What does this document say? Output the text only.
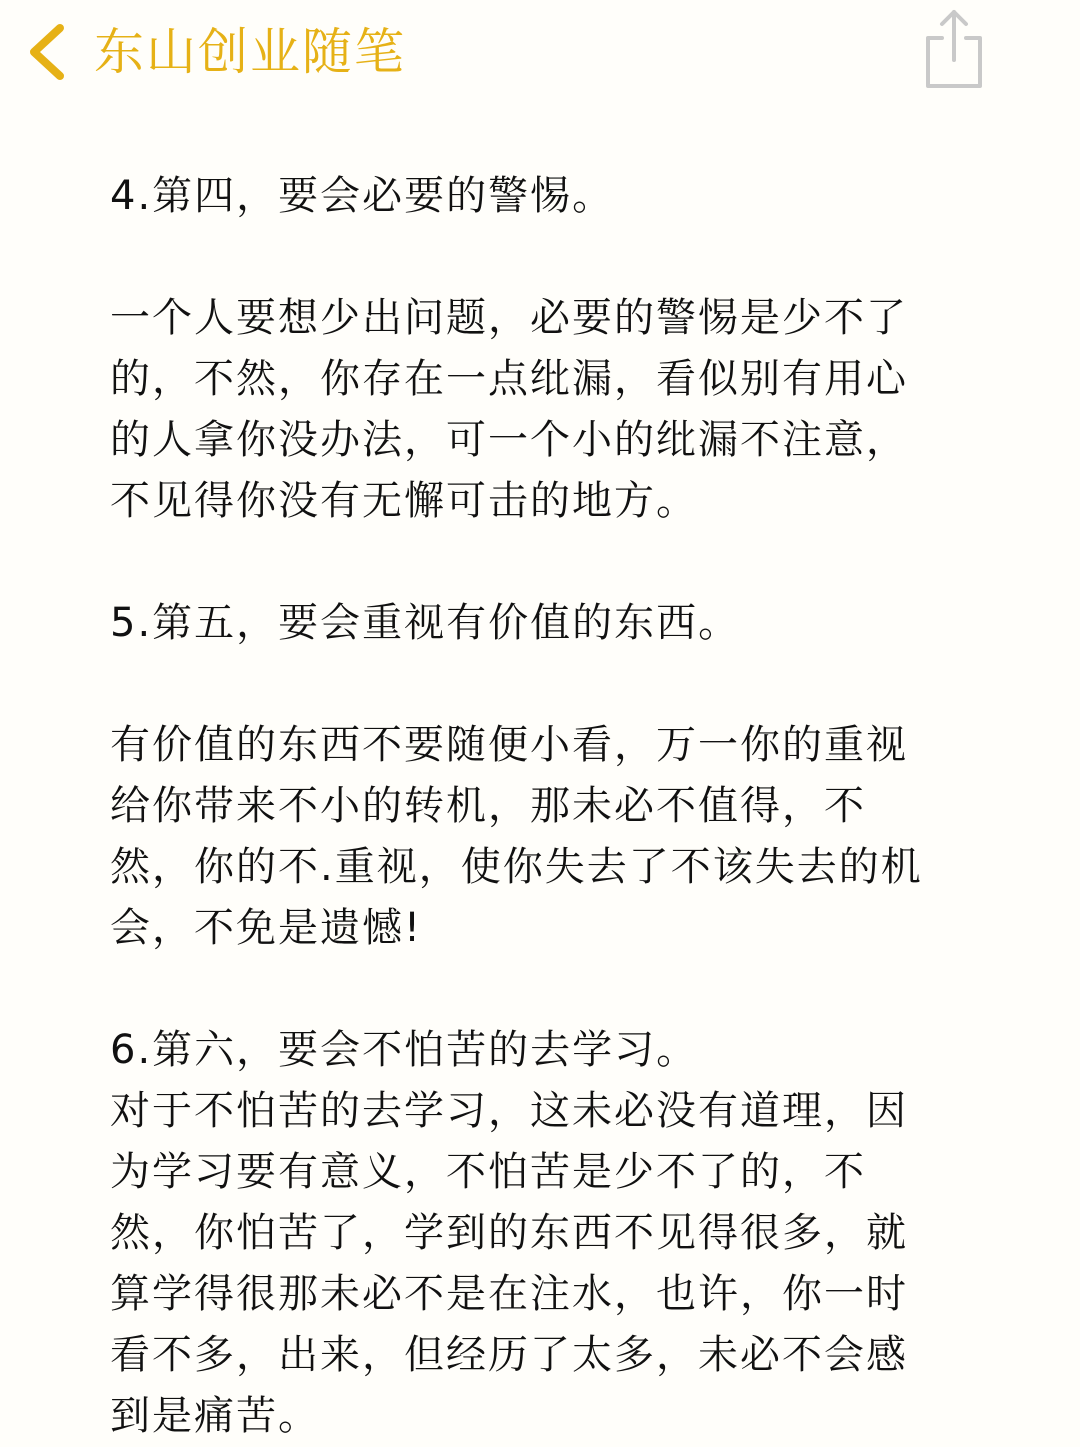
东山创业随笔
4.第四，要会必要的警惕。
一个人要想少出问题，必要的警惕是少不了
的，不然，你存在一点纰漏，看似别有用心
的人拿你没办法，可一个小的纰漏不注意，
不见得你没有无懈可击的地方。
5.第五，要会重视有价值的东西。
有价值的东西不要随便小看，万一你的重视
给你带来不小的转机，那未必不值得，不
然，你的不.重视，使你失去了不该失去的机
会，不免是遗憾!
6.第六，要会不怕苦的去学习。
对于不怕苦的去学习，这未必没有道理，因
为学习要有意义，不怕苦是少不了的，不
然，你怕苦了，学到的东西不见得很多，就
算学得很那未必不是在注水，也许，你一时
看不多，出来，但经历了太多，未必不会感
到是痛苦。
